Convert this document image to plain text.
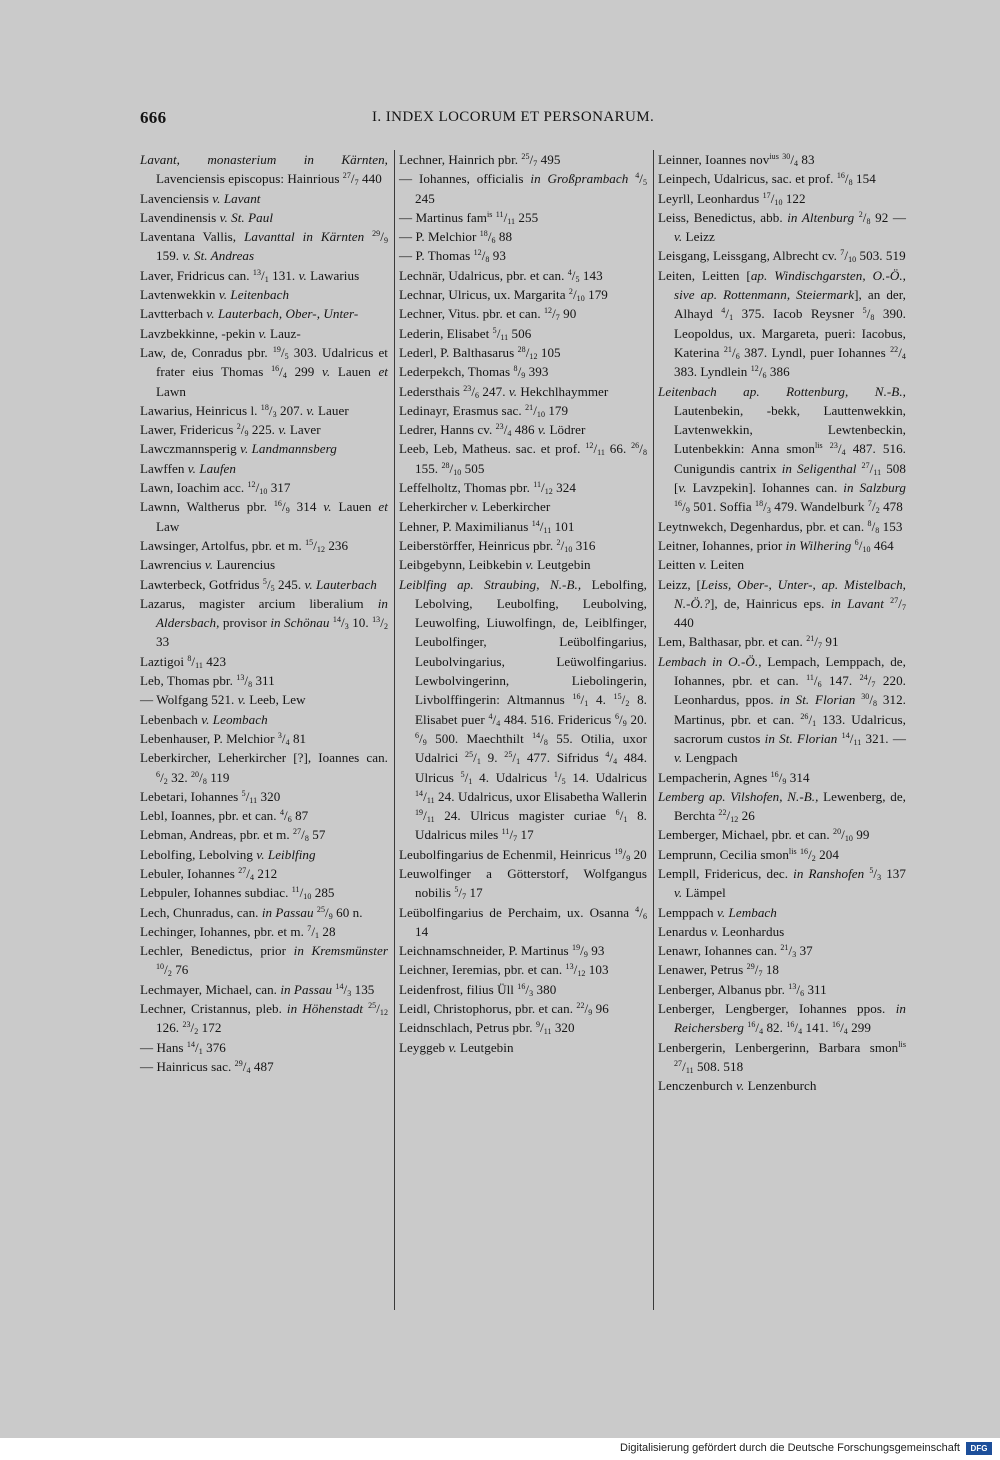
666	I. INDEX LOCORUM ET PERSONARUM.

Lavant, monasterium in Kärnten, Lavenciensis episcopus: Hainrious $^{27}/_7$ 440

Lavenciensis v. Lavant

Lavendinensis v. St. Paul

Laventana Vallis, Lavanttal in Kärnten $^{29}/_9$ 159. v. St. Andreas

Laver, Fridricus can. $^{13}/_1$ 131. v. Lawarius

Lavtenwekkin v. Leitenbach

Lavtterbach v. Lauterbach, Ober-, Unter-

Lavzbekkinne, -pekin v. Lauz-

Law, de, Conradus pbr. $^{19}/_5$ 303. Udalricus et frater eius Thomas $^{16}/_4$ 299 v. Lauen et Lawn

Lawarius, Heinricus l. $^{18}/_3$ 207. v. Lauer

Lawer, Fridericus $^2/_9$ 225. v. Laver

Lawczmannsperig v. Landmannsberg

Lawffen v. Laufen

Lawn, Ioachim acc. $^{12}/_{10}$ 317

Lawnn, Waltherus pbr. $^{16}/_9$ 314 v. Lauen et Law

Lawsinger, Artolfus, pbr. et m. $^{15}/_{12}$ 236

Lawrencius v. Laurencius

Lawterbeck, Gotfridus $^5/_5$ 245. v. Lauterbach

Lazarus, magister arcium liberalium in Aldersbach, provisor in Schönau $^{14}/_3$ 10. $^{13}/_2$ 33

Laztigoi $^8/_{11}$ 423

Leb, Thomas pbr. $^{13}/_8$ 311

— Wolfgang 521. v. Leeb, Lew

Lebenbach v. Leombach

Lebenhauser, P. Melchior $^3/_4$ 81

Leberkircher, Leherkircher [?], Ioannes can. $^6/_2$ 32. $^{20}/_8$ 119

Lebetari, Iohannes $^5/_{11}$ 320

Lebl, Ioannes, pbr. et can. $^4/_6$ 87

Lebman, Andreas, pbr. et m. $^{27}/_8$ 57

Lebolfing, Lebolving v. Leiblfing

Lebuler, Iohannes $^{27}/_4$ 212

Lebpuler, Iohannes subdiac. $^{11}/_{10}$ 285

Lech, Chunradus, can. in Passau $^{25}/_9$ 60 n.

Lechinger, Iohannes, pbr. et m. $^7/_1$ 28

Lechler, Benedictus, prior in Kremsmünster $^{10}/_2$ 76

Lechmayer, Michael, can. in Passau $^{14}/_3$ 135

Lechner, Cristannus, pleb. in Höhenstadt $^{25}/_{12}$ 126. $^{23}/_2$ 172

— Hans $^{14}/_1$ 376

— Hainricus sac. $^{29}/_4$ 487

Lechner, Hainrich pbr. $^{25}/_7$ 495

— Iohannes, officialis in Großprambach $^4/_5$ 245

— Martinus fam$^{is}$ $^{11}/_{11}$ 255

— P. Melchior $^{18}/_6$ 88

— P. Thomas $^{12}/_8$ 93

Lechnär, Udalricus, pbr. et can. $^4/_5$ 143

Lechnar, Ulricus, ux. Margarita $^2/_{10}$ 179

Lechner, Vitus. pbr. et can. $^{12}/_7$ 90

Lederin, Elisabet $^5/_{11}$ 506

Lederl, P. Balthasarus $^{28}/_{12}$ 105

Lederpekch, Thomas $^8/_9$ 393

Ledersthais $^{23}/_6$ 247. v. Hekchlhaymmer

Ledinayr, Erasmus sac. $^{21}/_{10}$ 179

Ledrer, Hanns cv. $^{23}/_4$ 486 v. Lödrer

Leeb, Leb, Matheus. sac. et prof. $^{12}/_{11}$ 66. $^{26}/_8$ 155. $^{28}/_{10}$ 505

Leffelholtz, Thomas pbr. $^{11}/_{12}$ 324

Leherkircher v. Leberkircher

Lehner, P. Maximilianus $^{14}/_{11}$ 101

Leiberstörffer, Heinricus pbr. $^2/_{10}$ 316

Leibgebynn, Leibkebin v. Leutgebin

Leiblfing ap. Straubing, N.-B., Lebolfing, Lebolving, Leubolfing, Leubolving, Leuwolfing, Liuwolfingn, de, Leiblfinger, Leubolfinger, Leübolfingarius, Leubolvingarius, Leüwolfingarius. Lewbolvingerinn, Liebolingerin, Livbolffingerin: Altmannus $^{16}/_1$ 4. $^{15}/_2$ 8. Elisabet puer $^4/_4$ 484. 516. Fridericus $^6/_9$ 20. $^6/_9$ 500. Maechthilt $^{14}/_8$ 55. Otilia, uxor Udalrici $^{25}/_1$ 9. $^{25}/_1$ 477. Sifridus $^4/_4$ 484. Ulricus $^5/_1$ 4. Udalricus $^1/_5$ 14. Udalricus $^{14}/_{11}$ 24. Udalricus, uxor Elisabetha Wallerin $^{19}/_{11}$ 24. Ulricus magister curiae $^6/_1$ 8. Udalricus miles $^{11}/_7$ 17

Leubolfingarius de Echenmil, Heinricus $^{19}/_9$ 20

Leuwolfinger a Götterstorf, Wolfgangus nobilis $^5/_7$ 17

Leübolfingarius de Perchaim, ux. Osanna $^4/_6$ 14

Leichnamschneider, P. Martinus $^{19}/_9$ 93

Leichner, Ieremias, pbr. et can. $^{13}/_{12}$ 103

Leidenfrost, filius Üll $^{16}/_3$ 380

Leidl, Christophorus, pbr. et can. $^{22}/_9$ 96

Leidnschlach, Petrus pbr. $^9/_{11}$ 320

Leyggeb v. Leutgebin

Leinner, Ioannes nov$^{ius}$ $^{30}/_4$ 83

Leinpech, Udalricus, sac. et prof. $^{16}/_8$ 154

Leyrll, Leonhardus $^{17}/_{10}$ 122

Leiss, Benedictus, abb. in Altenburg $^2/_8$ 92 — v. Leizz

Leisgang, Leissgang, Albrecht cv. $^7/_{10}$ 503. 519

Leiten, Leitten [ap. Windischgarsten, O.-Ö., sive ap. Rottenmann, Steiermark], an der, Alhayd $^4/_1$ 375. Iacob Reysner $^5/_8$ 390. Leopoldus, ux. Margareta, pueri: Iacobus, Katerina $^{21}/_6$ 387. Lyndl, puer Iohannes $^{22}/_4$ 383. Lyndlein $^{12}/_6$ 386

Leitenbach ap. Rottenburg, N.-B., Lautenbekin, -bekk, Lauttenwekkin, Lavtenwekkin, Lewtenbeckin, Lutenbekkin: Anna smon$^{lis}$ $^{23}/_4$ 487. 516. Cunigundis cantrix in Seligenthal $^{27}/_{11}$ 508 [v. Lavzpekin]. Iohannes can. in Salzburg $^{16}/_9$ 501. Soffia $^{18}/_3$ 479. Wandelburk $^7/_2$ 478

Leytnwekch, Degenhardus, pbr. et can. $^8/_8$ 153

Leitner, Iohannes, prior in Wilhering $^6/_{10}$ 464

Leitten v. Leiten

Leizz, [Leiss, Ober-, Unter-, ap. Mistelbach, N.-Ö.?], de, Hainricus eps. in Lavant $^{27}/_7$ 440

Lem, Balthasar, pbr. et can. $^{21}/_7$ 91

Lembach in O.-Ö., Lempach, Lemppach, de, Iohannes, pbr. et can. $^{11}/_6$ 147. $^{24}/_7$ 220. Leonhardus, ppos. in St. Florian $^{30}/_8$ 312. Martinus, pbr. et can. $^{26}/_1$ 133. Udalricus, sacrorum custos in St. Florian $^{14}/_{11}$ 321. — v. Lengpach

Lempacherin, Agnes $^{16}/_9$ 314

Lemberg ap. Vilshofen, N.-B., Lewenberg, de, Berchta $^{22}/_{12}$ 26

Lemberger, Michael, pbr. et can. $^{20}/_{10}$ 99

Lemprunn, Cecilia smon$^{lis}$ $^{16}/_2$ 204

Lempll, Fridericus, dec. in Ranshofen $^5/_3$ 137 v. Lämpel

Lemppach v. Lembach

Lenardus v. Leonhardus

Lenawr, Iohannes can. $^{21}/_3$ 37

Lenawer, Petrus $^{29}/_7$ 18

Lenberger, Albanus pbr. $^{13}/_6$ 311

Lenberger, Lengberger, Iohannes ppos. in Reichersberg $^{16}/_4$ 82. $^{16}/_4$ 141. $^{16}/_4$ 299

Lenbergerin, Lenbergerinn, Barbara smon$^{lis}$ $^{27}/_{11}$ 508. 518

Lenczenburch v. Lenzenburch

Digitalisierung gefördert durch die Deutsche Forschungsgemeinschaft	DFG
